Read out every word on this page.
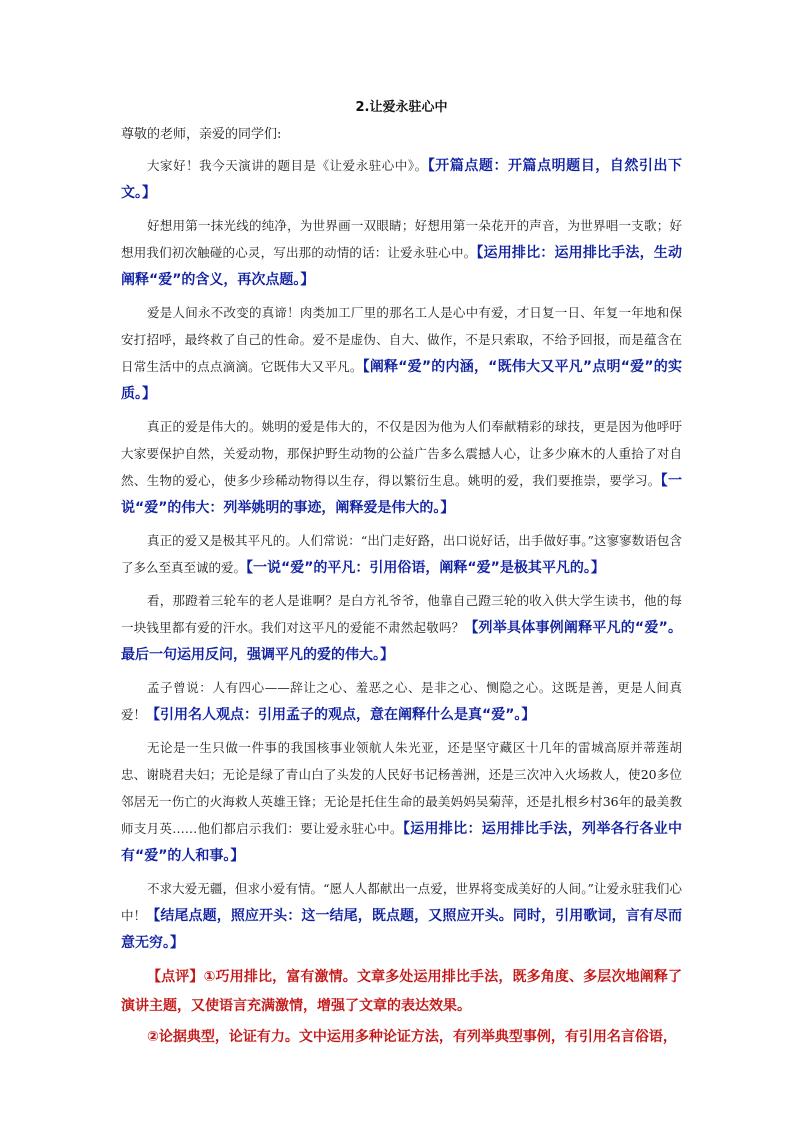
2.让爱永驻心中

尊敬的老师，亲爱的同学们:

大家好！我今天演讲的题目是《让爱永驻心中》。【开篇点题：开篇点明题目，自然引出下文。】

好想用第一抹光线的纯净，为世界画一双眼睛；好想用第一朵花开的声音，为世界唱一支歌；好想用我们初次触碰的心灵，写出那的动情的话：让爱永驻心中。【运用排比：运用排比手法，生动阐释“爱”的含义，再次点题。】

爱是人间永不改变的真谛！肉类加工厂里的那名工人是心中有爱，才日复一日、年复一年地和保安打招呼，最终救了自己的性命。爱不是虚伪、自大、做作，不是只索取，不给予回报，而是蕴含在日常生活中的点点滴滴。它既伟大又平凡。【阐释“爱”的内涵，“既伟大又平凡”点明“爱”的实质。】

真正的爱是伟大的。姚明的爱是伟大的，不仅是因为他为人们奉献精彩的球技，更是因为他呼吁大家要保护自然，关爱动物，那保护野生动物的公益广告多么震撼人心，让多少麻木的人重拾了对自然、生物的爱心，使多少珍稀动物得以生存，得以繁衍生息。姚明的爱，我们要推崇，要学习。【一说“爱”的伟大：列举姚明的事迹，阐释爱是伟大的。】

真正的爱又是极其平凡的。人们常说：“出门走好路，出口说好话，出手做好事。”这寥寥数语包含了多么至真至诚的爱。【一说“爱”的平凡：引用俗语，阐释“爱”是极其平凡的。】

看，那蹬着三轮车的老人是谁啊？是白方礼爷爷，他靠自己蹬三轮的收入供大学生读书，他的每一块钱里都有爱的汗水。我们对这平凡的爱能不肃然起敬吗？【列举具体事例阐释平凡的“爱”。最后一句运用反问，强调平凡的爱的伟大。】

孟子曾说：人有四心——辞让之心、羞恶之心、是非之心、恻隐之心。这既是善，更是人间真爱！【引用名人观点：引用孟子的观点，意在阐释什么是真“爱”。】

无论是一生只做一件事的我国核事业领航人朱光亚，还是坚守藏区十几年的雷城高原并蒂莲胡忠、谢晓君夫妇；无论是绿了青山白了头发的人民好书记杨善洲，还是三次冲入火场救人，使20多位邻居无一伤亡的火海救人英雄王锋；无论是托住生命的最美妈妈吴菊萍，还是扎根乡村36年的最美教师支月英……他们都启示我们：要让爱永驻心中。【运用排比：运用排比手法，列举各行各业中有“爱”的人和事。】

不求大爱无疆，但求小爱有情。“愿人人都献出一点爱，世界将变成美好的人间。”让爱永驻我们心中！【结尾点题，照应开头：这一结尾，既点题，又照应开头。同时，引用歌词，言有尽而意无穷。】

【点评】①巧用排比，富有激情。文章多处运用排比手法，既多角度、多层次地阐释了演讲主题，又使语言充满激情，增强了文章的表达效果。

②论据典型，论证有力。文中运用多种论证方法，有列举典型事例，有引用名言俗语，
